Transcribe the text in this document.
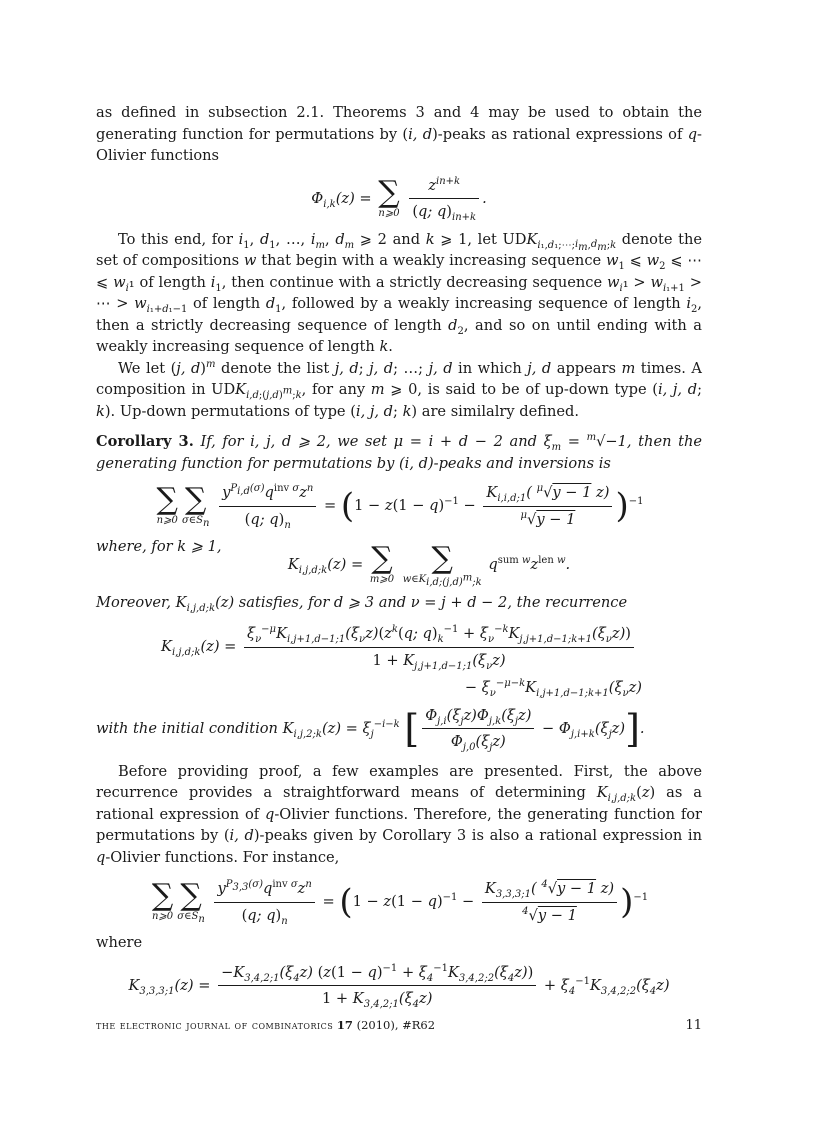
as defined in subsection 2.1. Theorems 3 and 4 may be used to obtain the generating function for permutations by (i, d)-peaks as rational expressions of q-Olivier functions

$\Phi_{i,k}(z)$ = ∑
n⩾0
$\frac{z^{in+k}}{(q; q)_{in+k}}$ .

To this end, for $i_1$, $d_1$, …, $i_m$, $d_m$ ⩾ 2 and k ⩾ 1, let $UDK_{i_1,d_1;\cdots;i_m,d_m;k}$ denote the set of compositions w that begin with a weakly increasing sequence $w_1$ ⩽ $w_2$ ⩽ ⋯ ⩽ $w_i_1$ of length $i_1$, then continue with a strictly decreasing sequence $w_i_1 > w_{i_1+1}$ > ⋯ > $w_{i_1+d_1-1}$ of length $d_1$, followed by a weakly increasing sequence of length $i_2$, then a strictly decreasing sequence of length $d_2$, and so on until ending with a weakly increasing sequence of length k.

We let (j, d)$^m$ denote the list j, d; j, d; …; j, d in which j, d appears m times. A composition in $UDK_{i,d;(j,d)^m;k}$, for any m ⩾ 0, is said to be of up-down type (i, j, d; k). Up-down permutations of type (i, j, d; k) are similalry defined.

Corollary 3. If, for i, j, d ⩾ 2, we set μ = i + d − 2 and $\xi_m = ^m√-1$, then the generating function for permutations by (i, d)-peaks and inversions is

∑
n⩾0
∑
$\sigma\in S_n$
$\frac{y^{P_{i,d}(\sigma)}q^{inv \sigma}z^n}{(q; q)_n} = (1 - z(1 - q)^{-1} - \frac{K_{i,i,d;1}( ^\mu√y - 1 z)}{^\mu√y - 1} )^{-1}$

where, for k ⩾ 1,

$K_{i,j,d;k}(z)$ = ∑
m⩾0

∑
$w\in K_{i,d;(j,d)^m;k}$
$q^{sum w}z^{len w}$.

Moreover, $K_{i,j,d;k}(z)$ satisfies, for d ⩾ 3 and ν = j + d − 2, the recurrence

$K_{i,j,d;k}(z) = \frac{\xi_\nu^{-\mu}K_{i,j+1,d-1;1}(\xi_\nu z)(z^k(q; q)_k^{-1} + \xi_\nu^{-k}K_{j,j+1,d-1;k+1}(\xi_\nu z))}{1 + K_{j,j+1,d-1;1}(\xi_\nu z)}$
− $\xi_\nu^{-\mu-k}K_{i,j+1,d-1;k+1}(\xi_\nu z)$

with the initial condition $K_{i,j,2;k}(z) = \xi_j^{-i-k}$ [ $\frac{\Phi_{j,i}(\xi_jz)\Phi_{j,k}(\xi_jz)}{\Phi_{j,0}(\xi_jz)} - \Phi_{j,i+k}(\xi_jz)$].

Before providing proof, a few examples are presented. First, the above recurrence provides a straightforward means of determining $K_{i,j,d;k}(z)$ as a rational expression of q-Olivier functions. Therefore, the generating function for permutations by (i, d)-peaks given by Corollary 3 is also a rational expression in q-Olivier functions. For instance,

∑
n⩾0
∑
$\sigma\in S_n$
$\frac{y^{P_{3,3}(\sigma)}q^{inv \sigma}z^n}{(q; q)_n} = (1 - z(1 - q)^{-1} - \frac{K_{3,3,3;1}( ^4√y - 1 z)}{^4√y - 1} )^{-1}$

where

$K_{3,3,3;1}(z) = \frac{-K_{3,4,2;1}(\xi_4z) (z(1 - q)^{-1} + \xi_4^{-1}K_{3,4,2;2}(\xi_4z))}{1 + K_{3,4,2;1}(\xi_4z)} + \xi_4^{-1}K_{3,4,2;2}(\xi_4z)$
the electronic journal of combinatorics 17 (2010), #R62	11
